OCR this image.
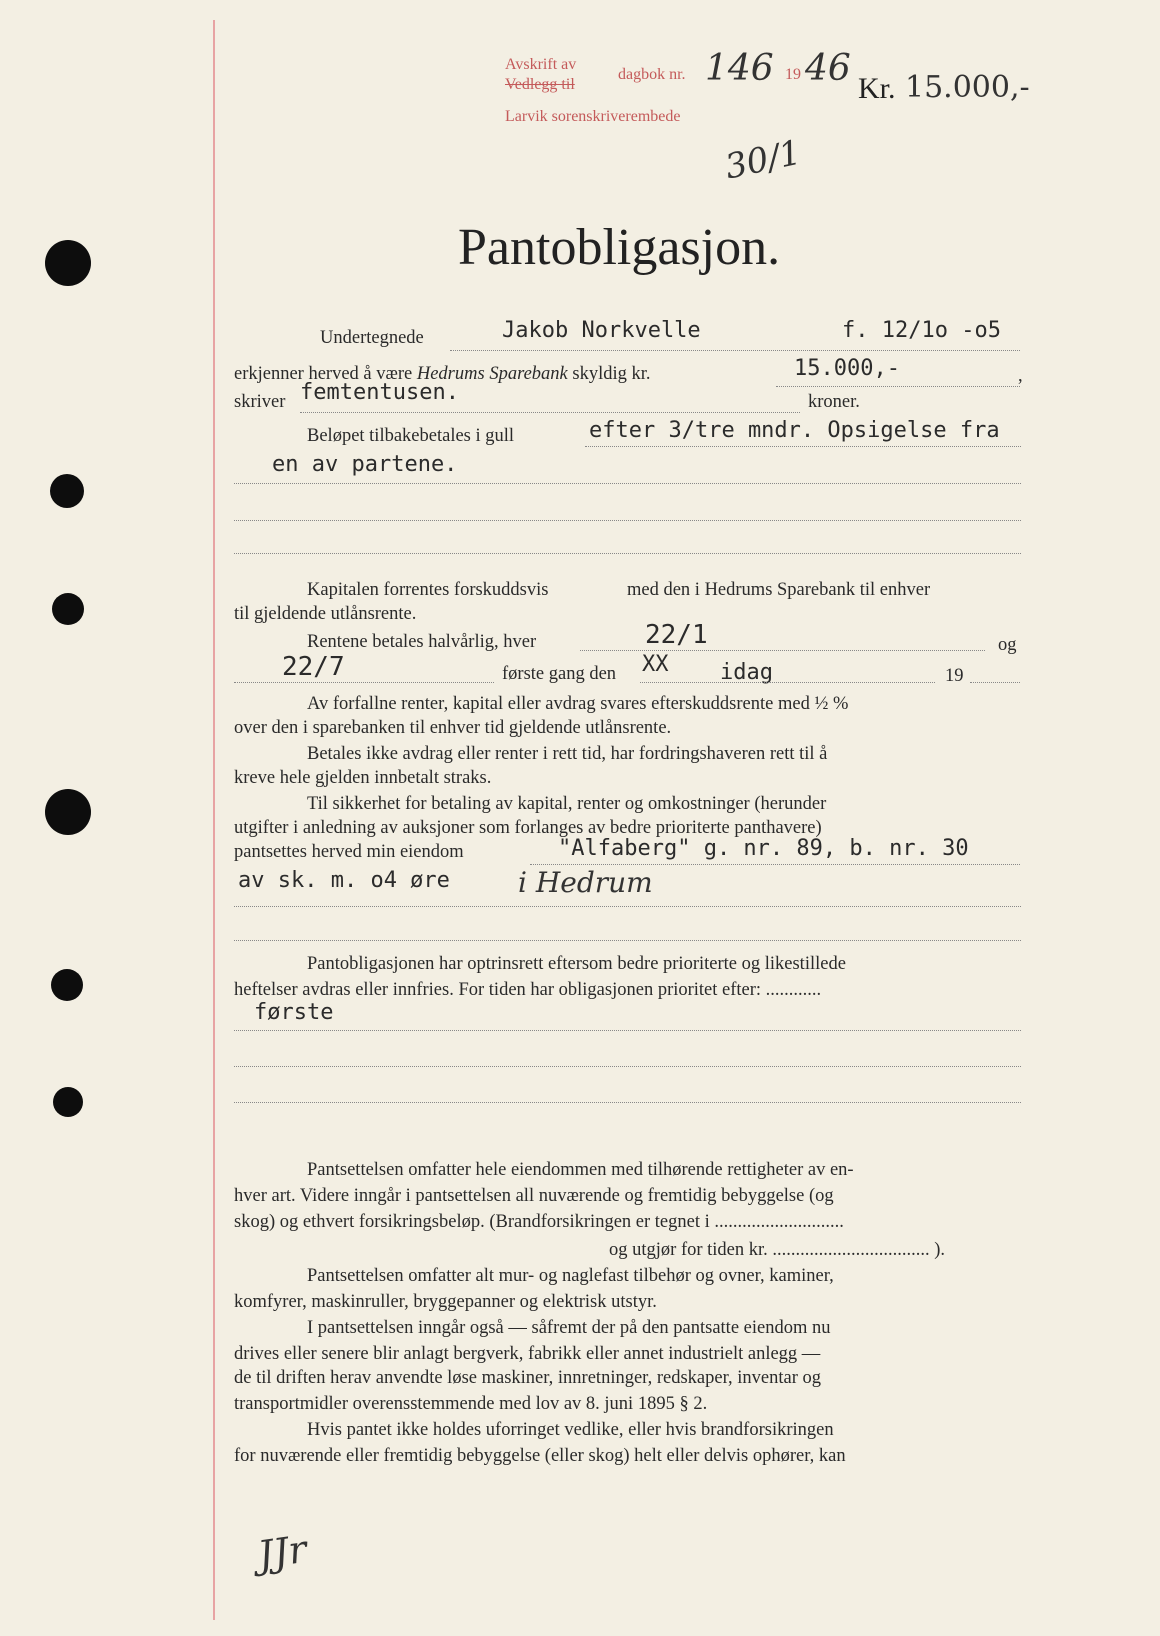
Avskrift av
Vedlegg til
Larvik sorenskriverembede
dagbok nr. 146 19 46 Kr. 15.000,-
30/1
Pantobligasjon.
Undertegnede	Jakob Norkvelle	f. 12/1o -o5
erkjenner herved å være Hedrums Sparebank skyldig kr.	15.000,-	,
skriver femtentusen.	kroner.
Beløpet tilbakebetales i gull	efter 3/tre mndr. Opsigelse fra
en av partene.
Kapitalen forrentes forskuddsvis	med den i Hedrums Sparebank til enhver
til gjeldende utlånsrente.
Rentene betales halvårlig, hver	22/1	og
22/7	første gang den XX idag	19
Av forfallne renter, kapital eller avdrag svares efterskuddsrente med ½ %
over den i sparebanken til enhver tid gjeldende utlånsrente.
Betales ikke avdrag eller renter i rett tid, har fordringshaveren rett til å
kreve hele gjelden innbetalt straks.
Til sikkerhet for betaling av kapital, renter og omkostninger (herunder
utgifter i anledning av auksjoner som forlanges av bedre prioriterte panthavere)
pantsettes herved min eiendom	"Alfaberg" g. nr. 89, b. nr. 30
av sk. m. o4 øre i Hedrum
Pantobligasjonen har optrinsrett eftersom bedre prioriterte og likestillede
heftelser avdras eller innfries. For tiden har obligasjonen prioritet efter: ............
første
Pantsettelsen omfatter hele eiendommen med tilhørende rettigheter av en-
hver art. Videre inngår i pantsettelsen all nuværende og fremtidig bebyggelse (og
skog) og ethvert forsikringsbeløp. (Brandforsikringen er tegnet i ............................
og utgjør for tiden kr. .................................. ).
Pantsettelsen omfatter alt mur- og naglefast tilbehør og ovner, kaminer,
komfyrer, maskinruller, bryggepanner og elektrisk utstyr.
I pantsettelsen inngår også — såfremt der på den pantsatte eiendom nu
drives eller senere blir anlagt bergverk, fabrikk eller annet industrielt anlegg —
de til driften herav anvendte løse maskiner, innretninger, redskaper, inventar og
transportmidler overensstemmende med lov av 8. juni 1895 § 2.
Hvis pantet ikke holdes uforringet vedlike, eller hvis brandforsikringen
for nuværende eller fremtidig bebyggelse (eller skog) helt eller delvis ophører, kan
JJr
